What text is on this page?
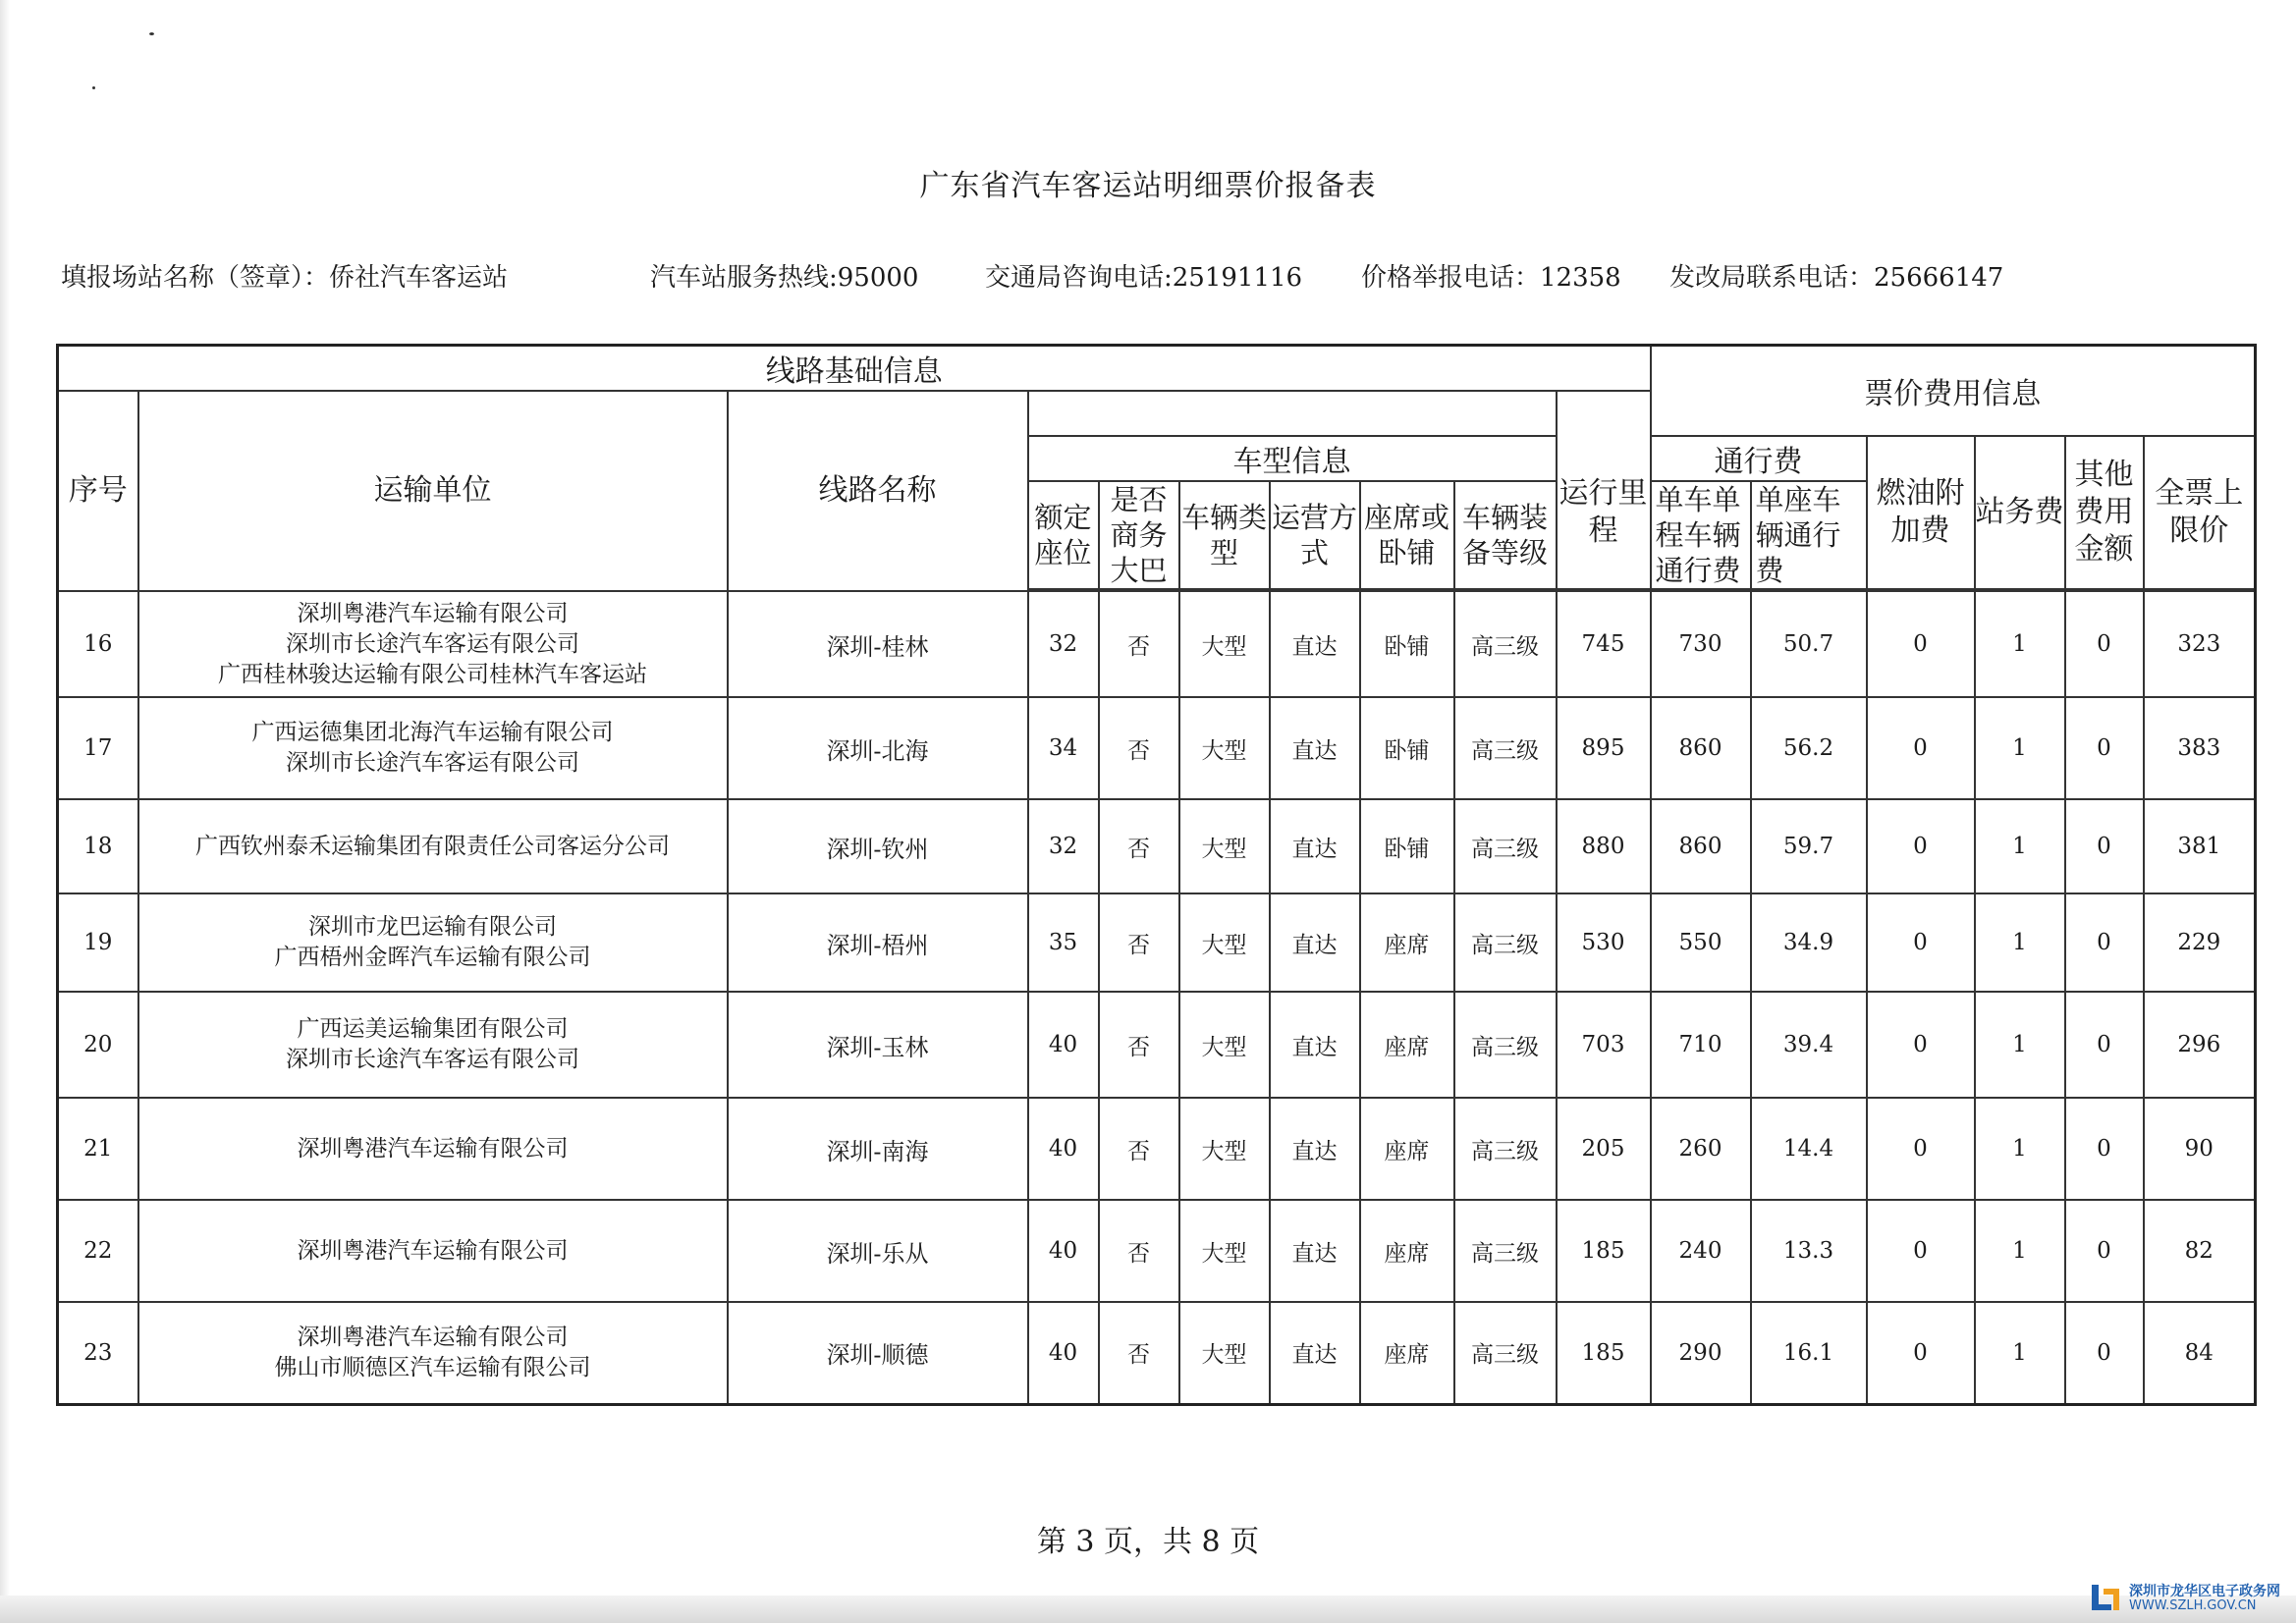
广东省汽车客运站明细票价报备表
填报场站名称（签章）：侨社汽车客运站	汽车站服务热线:95000	交通局咨询电话:25191116 价格举报电话：12358 发改局联系电话：25666147
线路基础信息										票价费用信息					
序号	运输单位	线路名称													
			车型信息						运行里程	通行费		燃油附加费	站务费	其他费用金额	全票上限价
			额定座位	是否商务大巴	车辆类型	运营方式	座席或卧铺	车辆装备等级		单车单程车辆通行费	单座车辆通行费				

16	深圳粤港汽车运输有限公司
深圳市长途汽车客运有限公司
广西桂林骏达运输有限公司桂林汽车客运站	深圳-桂林	32	否	大型	直达	卧铺	高三级	745	730	50.7	0	1	0	323
17	广西运德集团北海汽车运输有限公司
深圳市长途汽车客运有限公司	深圳-北海	34	否	大型	直达	卧铺	高三级	895	860	56.2	0	1	0	383
18	广西钦州泰禾运输集团有限责任公司客运分公司	深圳-钦州	32	否	大型	直达	卧铺	高三级	880	860	59.7	0	1	0	381
19	深圳市龙巴运输有限公司
广西梧州金晖汽车运输有限公司	深圳-梧州	35	否	大型	直达	座席	高三级	530	550	34.9	0	1	0	229
20	广西运美运输集团有限公司
深圳市长途汽车客运有限公司	深圳-玉林	40	否	大型	直达	座席	高三级	703	710	39.4	0	1	0	296
21	深圳粤港汽车运输有限公司	深圳-南海	40	否	大型	直达	座席	高三级	205	260	14.4	0	1	0	90
22	深圳粤港汽车运输有限公司	深圳-乐从	40	否	大型	直达	座席	高三级	185	240	13.3	0	1	0	82
23	深圳粤港汽车运输有限公司
佛山市顺德区汽车运输有限公司	深圳-顺德	40	否	大型	直达	座席	高三级	185	290	16.1	0	1	0	84
第 3 页，共 8 页
深圳市龙华区电子政务网
WWW.SZLH.GOV.CN
